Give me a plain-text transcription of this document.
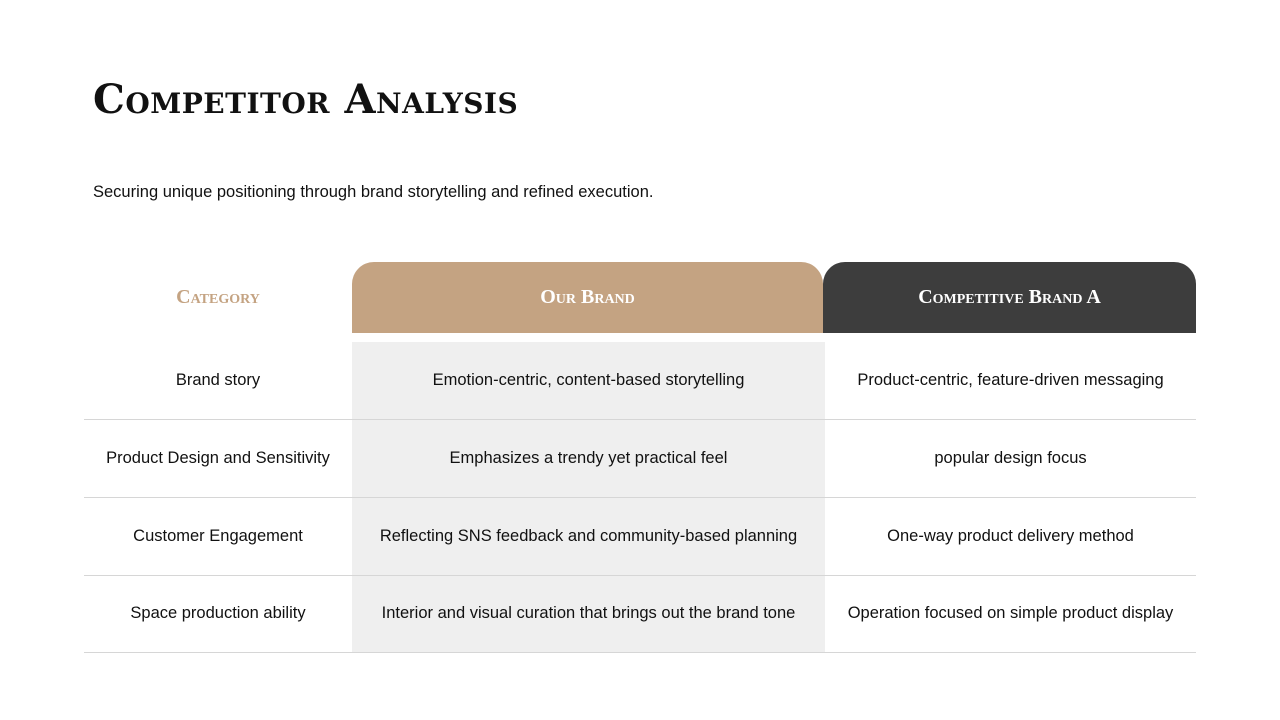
Competitor Analysis
Securing unique positioning through brand storytelling and refined execution.
Category	Our Brand	Competitive Brand A
Brand story	Emotion-centric, content-based storytelling	Product-centric, feature-driven messaging
Product Design and Sensitivity	Emphasizes a trendy yet practical feel	popular design focus
Customer Engagement	Reflecting SNS feedback and community-based planning	One-way product delivery method
Space production ability	Interior and visual curation that brings out the brand tone	Operation focused on simple product display
